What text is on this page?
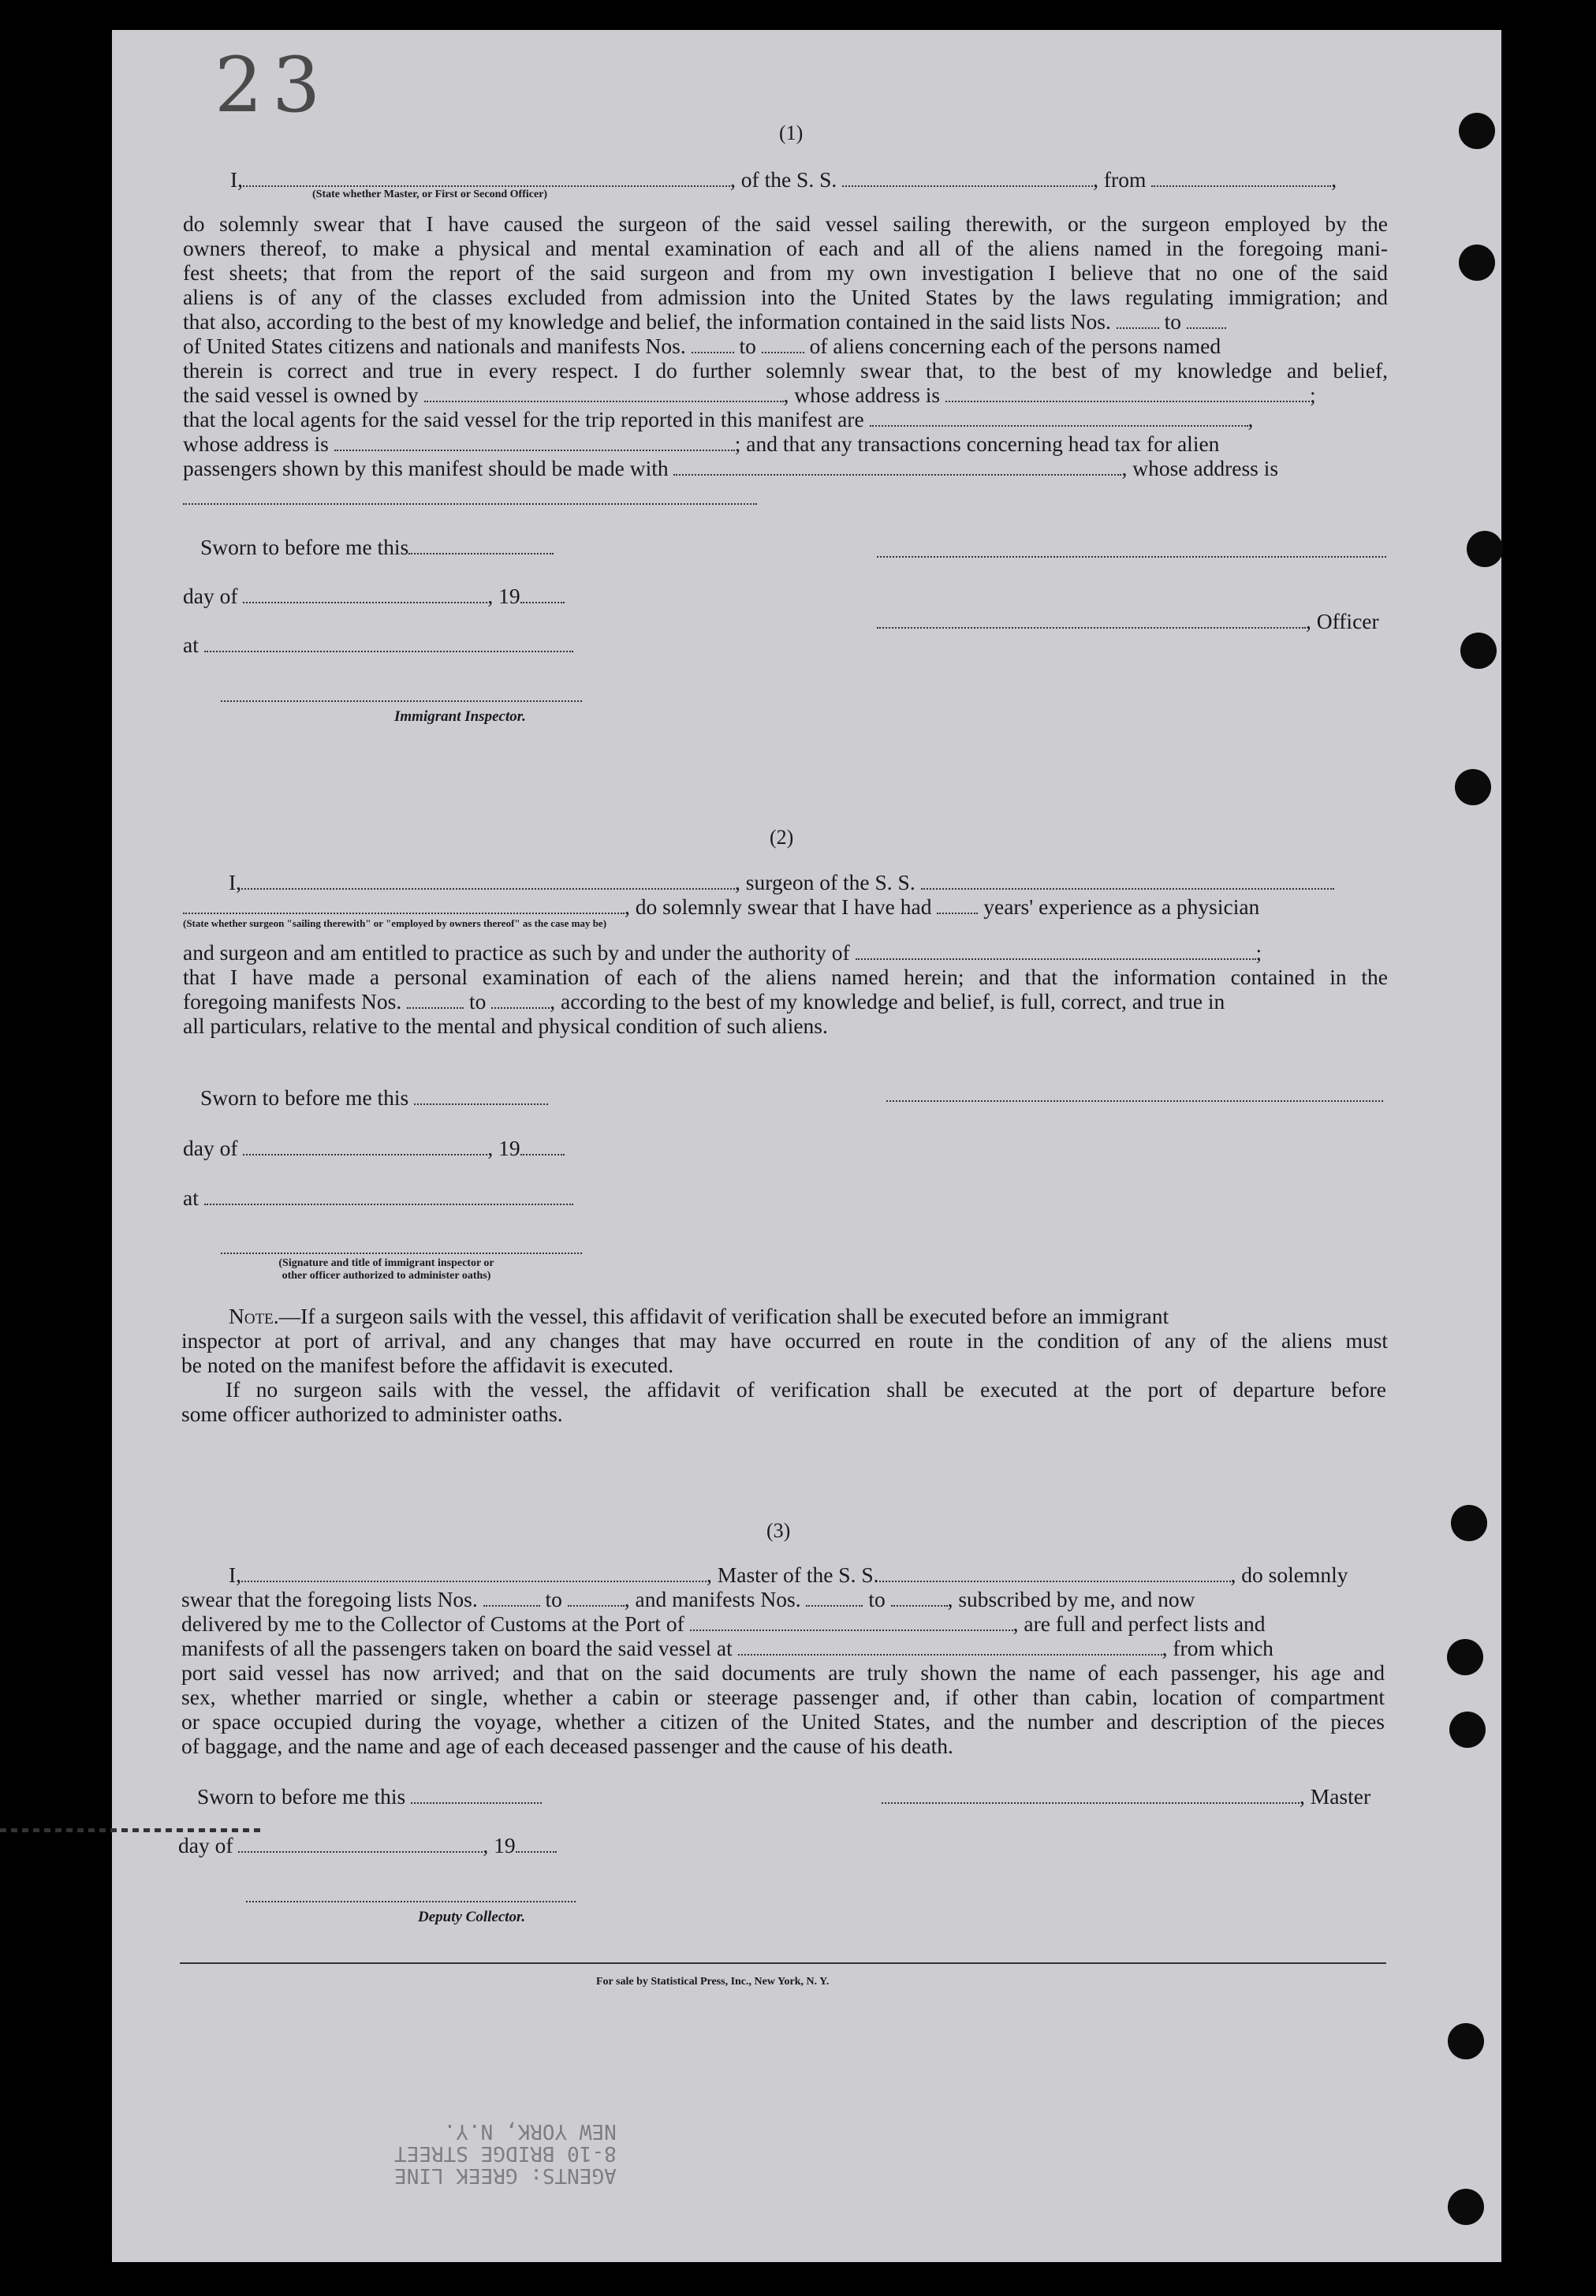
23
(1)
I,	, of the S. S.	, from	,
(State whether Master, or First or Second Officer)
do solemnly swear that I have caused the surgeon of the said vessel sailing therewith, or the surgeon employed by the
owners thereof, to make a physical and mental examination of each and all of the aliens named in the foregoing mani-
fest sheets; that from the report of the said surgeon and from my own investigation I believe that no one of the said
aliens is of any of the classes excluded from admission into the United States by the laws regulating immigration; and
that also, according to the best of my knowledge and belief, the information contained in the said lists Nos. to
of United States citizens and nationals and manifests Nos. to of aliens concerning each of the persons named
therein is correct and true in every respect. I do further solemnly swear that, to the best of my knowledge and belief,
the said vessel is owned by	, whose address is	;
that the local agents for the said vessel for the trip reported in this manifest are	,
whose address is	; and that any transactions concerning head tax for alien
passengers shown by this manifest should be made with	, whose address is
Sworn to before me this
day of	, 19
, Officer
at
Immigrant Inspector.
(2)
I,	, surgeon of the S. S.
, do solemnly swear that I have had years' experience as a physician
(State whether surgeon "sailing therewith" or "employed by owners thereof" as the case may be)
and surgeon and am entitled to practice as such by and under the authority of	;
that I have made a personal examination of each of the aliens named herein; and that the information contained in the
foregoing manifests Nos.	to	, according to the best of my knowledge and belief, is full, correct, and true in
all particulars, relative to the mental and physical condition of such aliens.
Sworn to before me this
day of	, 19
at
(Signature and title of immigrant inspector or
other officer authorized to administer oaths)
Note.—If a surgeon sails with the vessel, this affidavit of verification shall be executed before an immigrant
inspector at port of arrival, and any changes that may have occurred en route in the condition of any of the aliens must
be noted on the manifest before the affidavit is executed.
If no surgeon sails with the vessel, the affidavit of verification shall be executed at the port of departure before
some officer authorized to administer oaths.
(3)
I,	, Master of the S. S.	, do solemnly
swear that the foregoing lists Nos.	to	, and manifests Nos.	to	, subscribed by me, and now
delivered by me to the Collector of Customs at the Port of	, are full and perfect lists and
manifests of all the passengers taken on board the said vessel at	, from which
port said vessel has now arrived; and that on the said documents are truly shown the name of each passenger, his age and
sex, whether married or single, whether a cabin or steerage passenger and, if other than cabin, location of compartment
or space occupied during the voyage, whether a citizen of the United States, and the number and description of the pieces
of baggage, and the name and age of each deceased passenger and the cause of his death.
Sworn to before me this	, Master
day of	, 19
Deputy Collector.
For sale by Statistical Press, Inc., New York, N. Y.
AGENTS: GREEK LINE
8-10 BRIDGE STREET
NEW YORK, N.Y.
